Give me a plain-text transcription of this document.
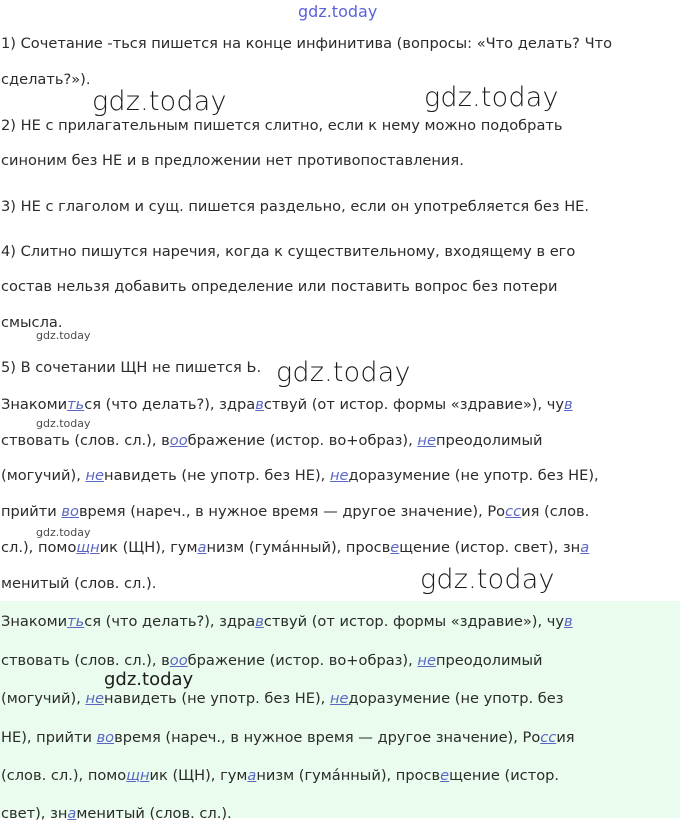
1) Сочетание -ться пишется на конце инфинитива (вопросы: «Что делать? Что
сделать?»).
2) НЕ с прилагательным пишется слитно, если к нему можно подобрать
синоним без НЕ и в предложении нет противопоставления.
3) НЕ с глаголом и сущ. пишется раздельно, если он употребляется без НЕ.
4) Слитно пишутся наречия, когда к существительному, входящему в его
состав нельзя добавить определение или поставить вопрос без потери
смысла.
5) В сочетании ЩН не пишется Ь.
Знакомиться (что делать?), здравствуй (от истор. формы «здравие»), чув
ствовать (слов. сл.), воображение (истор. во+образ), непреодолимый
(могучий), ненавидеть (не употр. без НЕ), недоразумение (не употр. без НЕ),
прийти вовремя (нареч., в нужное время — другое значение), Россия (слов.
сл.), помощник (ЩН), гуманизм (гума́нный), просвещение (истор. свет), зна
менитый (слов. сл.).
Знакомиться (что делать?), здравствуй (от истор. формы «здравие»), чув
ствовать (слов. сл.), воображение (истор. во+образ), непреодолимый
(могучий), ненавидеть (не употр. без НЕ), недоразумение (не употр. без
НЕ), прийти вовремя (нареч., в нужное время — другое значение), Россия
(слов. сл.), помощник (ЩН), гуманизм (гума́нный), просвещение (истор.
свет), знаменитый (слов. сл.).
gdz.today
gdz.today	gdz.today
gdz.today
gdz.today
gdz.today
gdz.today
gdz.today
gdz.today
